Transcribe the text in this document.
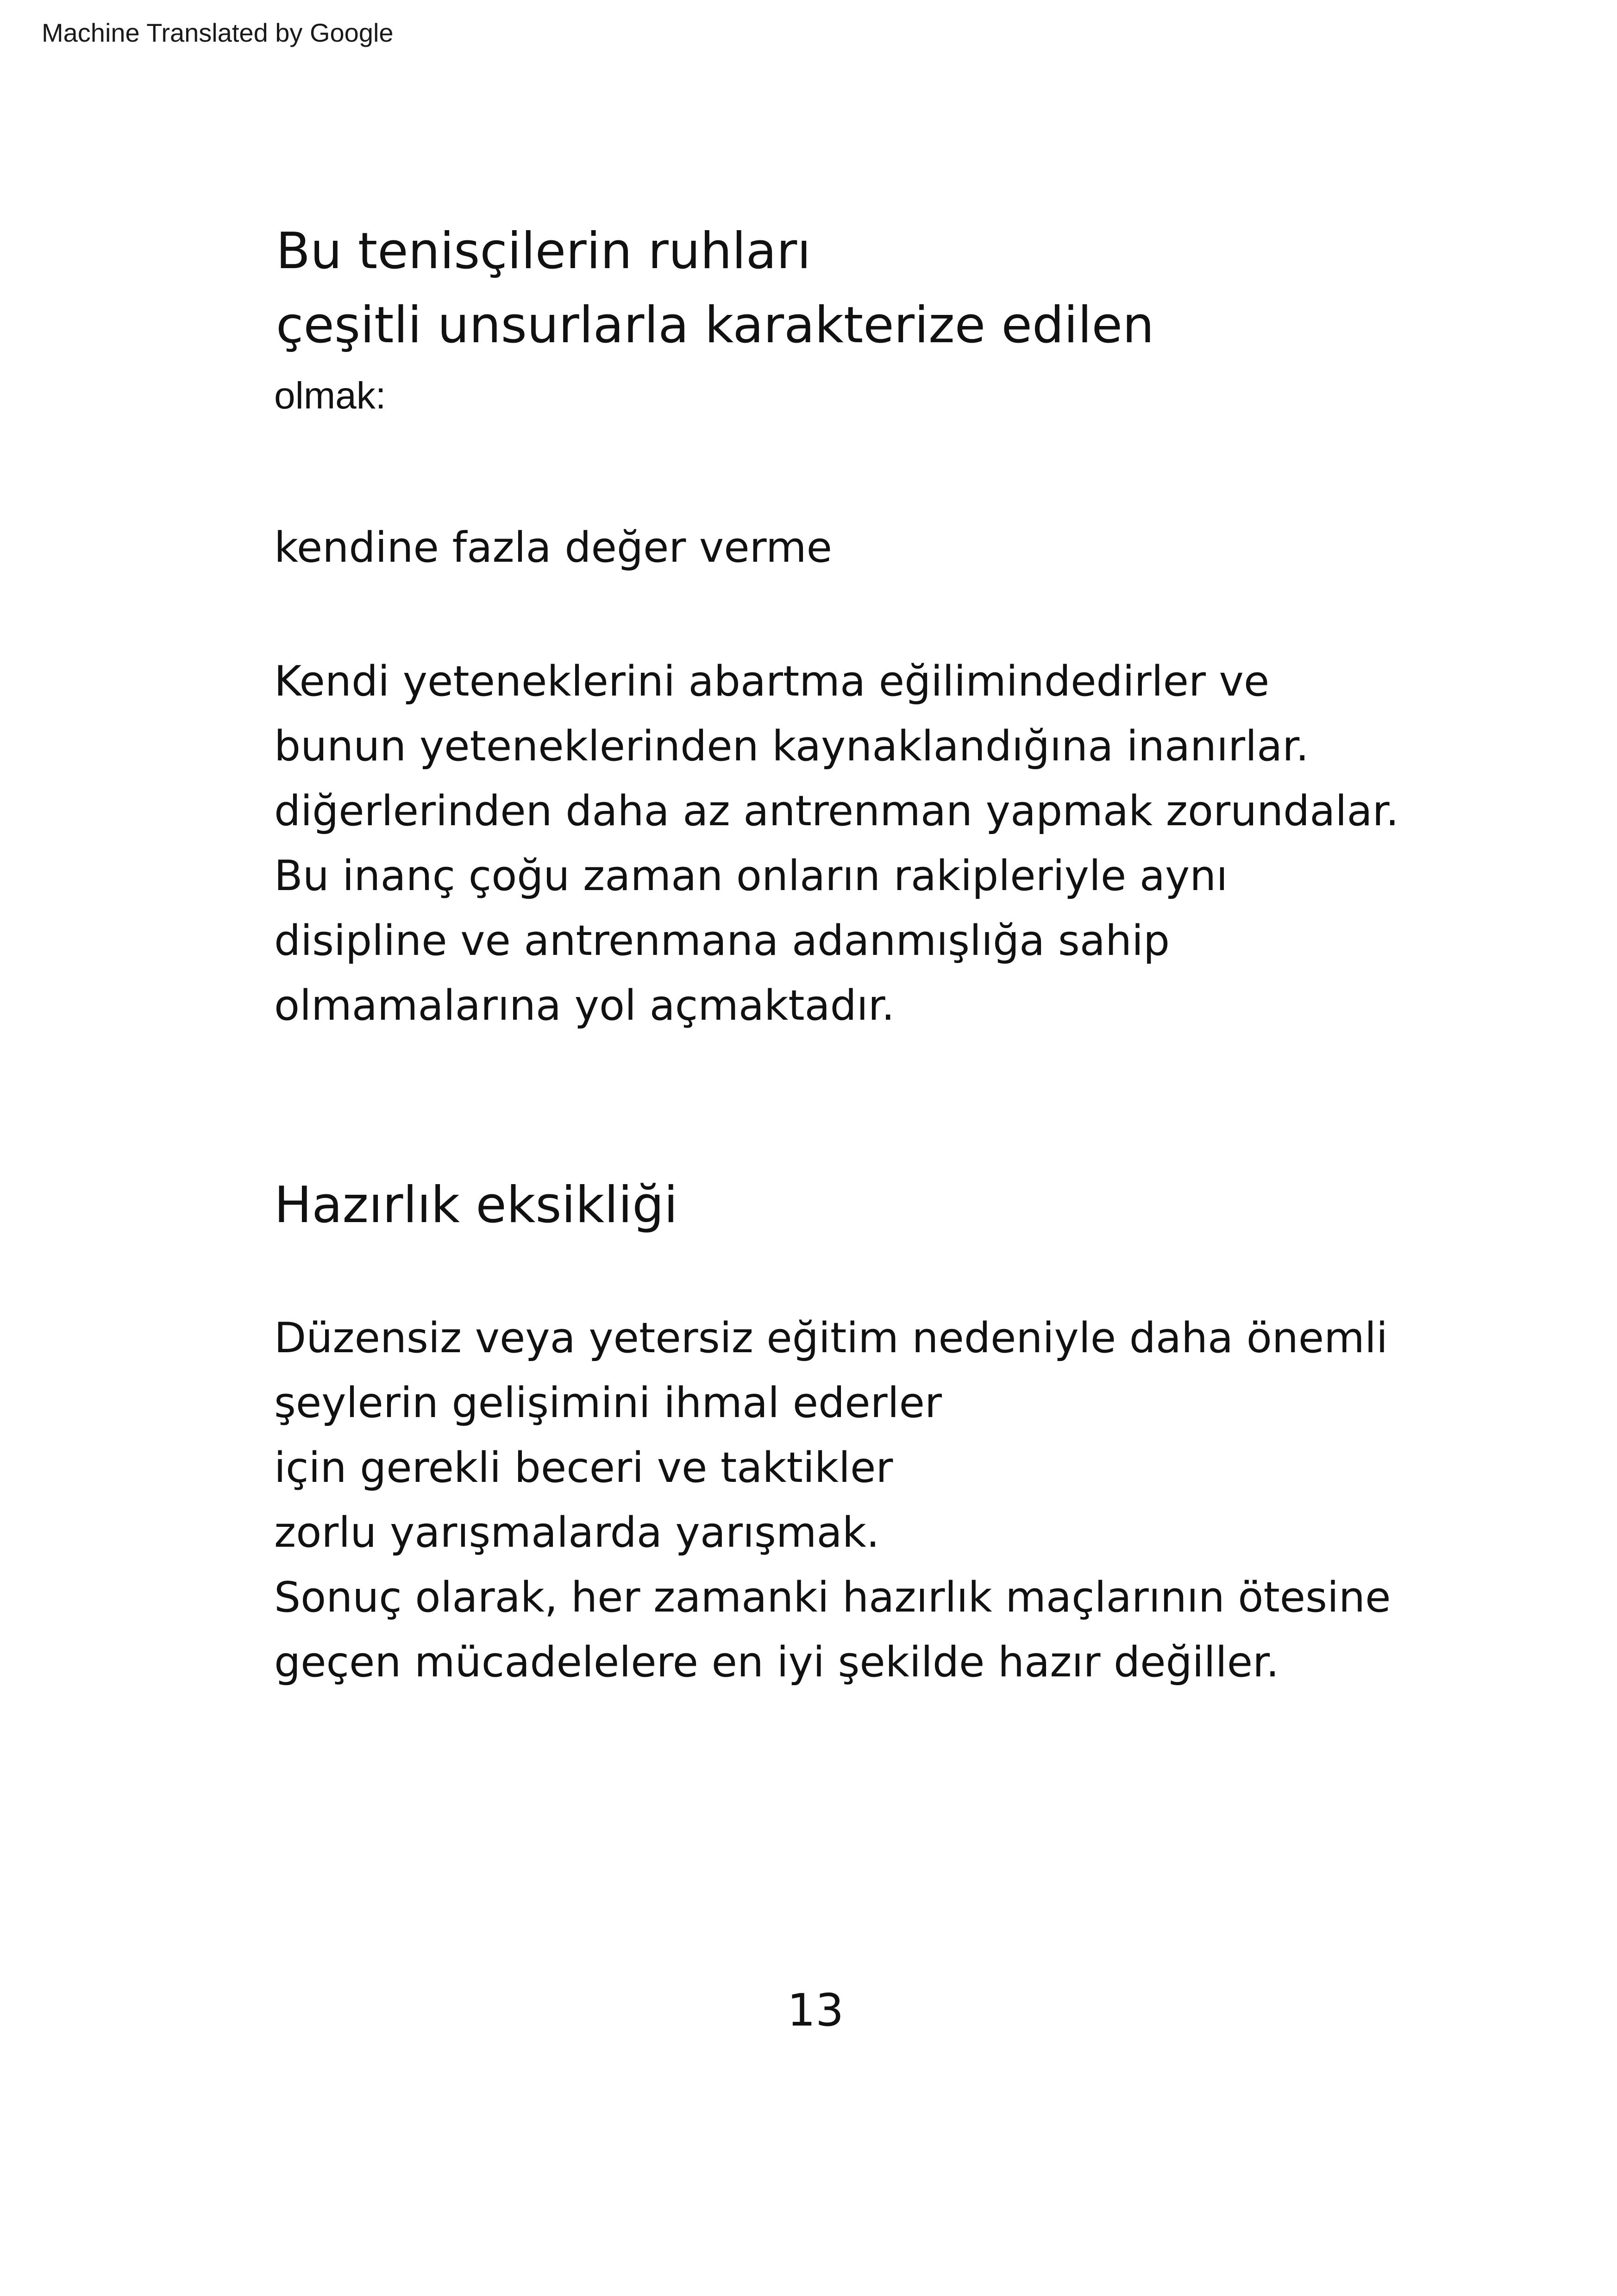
Machine Translated by Google
Bu tenisçilerin ruhları
çeşitli unsurlarla karakterize edilen
olmak:
kendine fazla değer verme
Kendi yeteneklerini abartma eğilimindedirler ve
bunun yeteneklerinden kaynaklandığına inanırlar.
diğerlerinden daha az antrenman yapmak zorundalar.
Bu inanç çoğu zaman onların rakipleriyle aynı
disipline ve antrenmana adanmışlığa sahip
olmamalarına yol açmaktadır.
Hazırlık eksikliği
Düzensiz veya yetersiz eğitim nedeniyle daha önemli
şeylerin gelişimini ihmal ederler
için gerekli beceri ve taktikler
zorlu yarışmalarda yarışmak.
Sonuç olarak, her zamanki hazırlık maçlarının ötesine
geçen mücadelelere en iyi şekilde hazır değiller.
13
